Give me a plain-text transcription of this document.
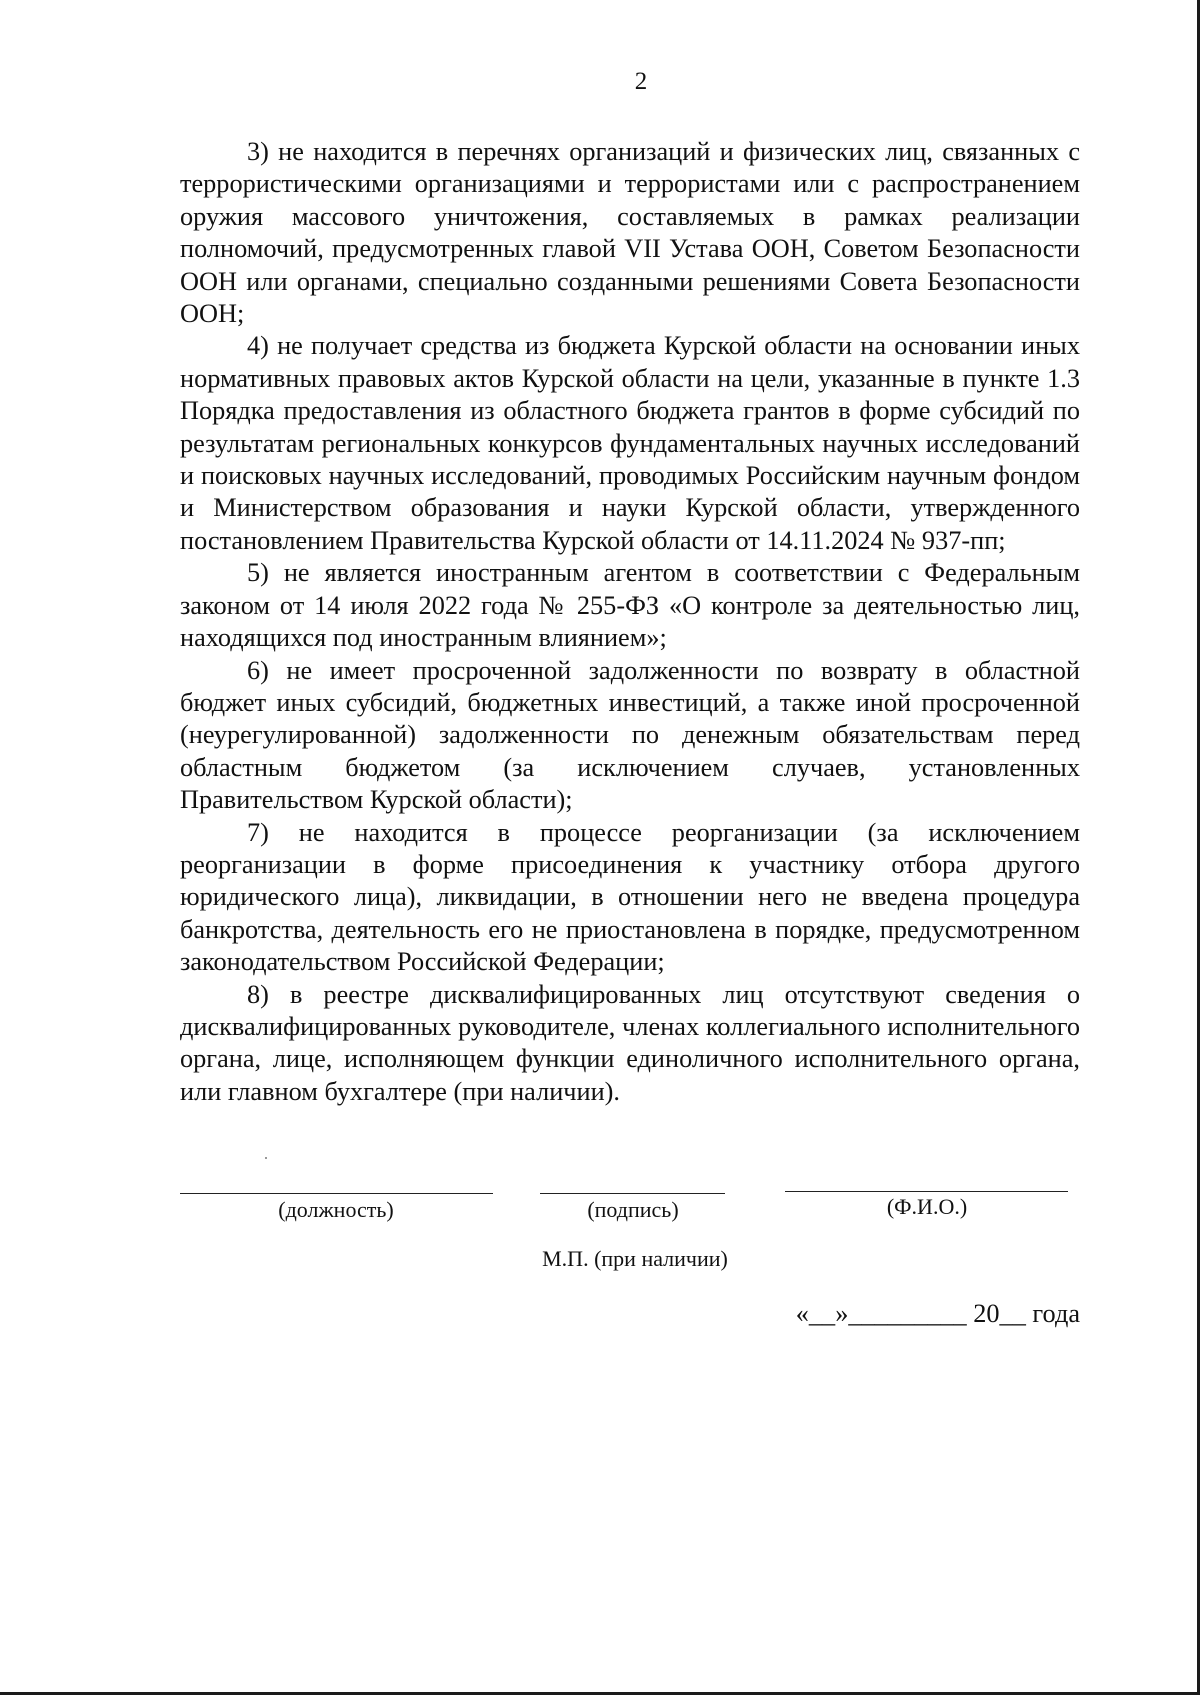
2

3) не находится в перечнях организаций и физических лиц, связанных с террористическими организациями и террористами или с распространением оружия массового уничтожения, составляемых в рамках реализации полномочий, предусмотренных главой VII Устава ООН, Советом Безопасности ООН или органами, специально созданными решениями Совета Безопасности ООН;

4) не получает средства из бюджета Курской области на основании иных нормативных правовых актов Курской области на цели, указанные в пункте 1.3 Порядка предоставления из областного бюджета грантов в форме субсидий по результатам региональных конкурсов фундаментальных научных исследований и поисковых научных исследований, проводимых Российским научным фондом и Министерством образования и науки Курской области, утвержденного постановлением Правительства Курской области от 14.11.2024 № 937-пп;

5) не является иностранным агентом в соответствии с Федеральным законом от 14 июля 2022 года № 255-ФЗ «О контроле за деятельностью лиц, находящихся под иностранным влиянием»;

6) не имеет просроченной задолженности по возврату в областной бюджет иных субсидий, бюджетных инвестиций, а также иной просроченной (неурегулированной) задолженности по денежным обязательствам перед областным бюджетом (за исключением случаев, установленных Правительством Курской области);

7) не находится в процессе реорганизации (за исключением реорганизации в форме присоединения к участнику отбора другого юридического лица), ликвидации, в отношении него не введена процедура банкротства, деятельность его не приостановлена в порядке, предусмотренном законодательством Российской Федерации;

8) в реестре дисквалифицированных лиц отсутствуют сведения о дисквалифицированных руководителе, членах коллегиального исполнительного органа, лице, исполняющем функции единоличного исполнительного органа, или главном бухгалтере (при наличии).

(должность)	(подпись)	(Ф.И.О.)
М.П. (при наличии)
«__»_________ 20__ года
